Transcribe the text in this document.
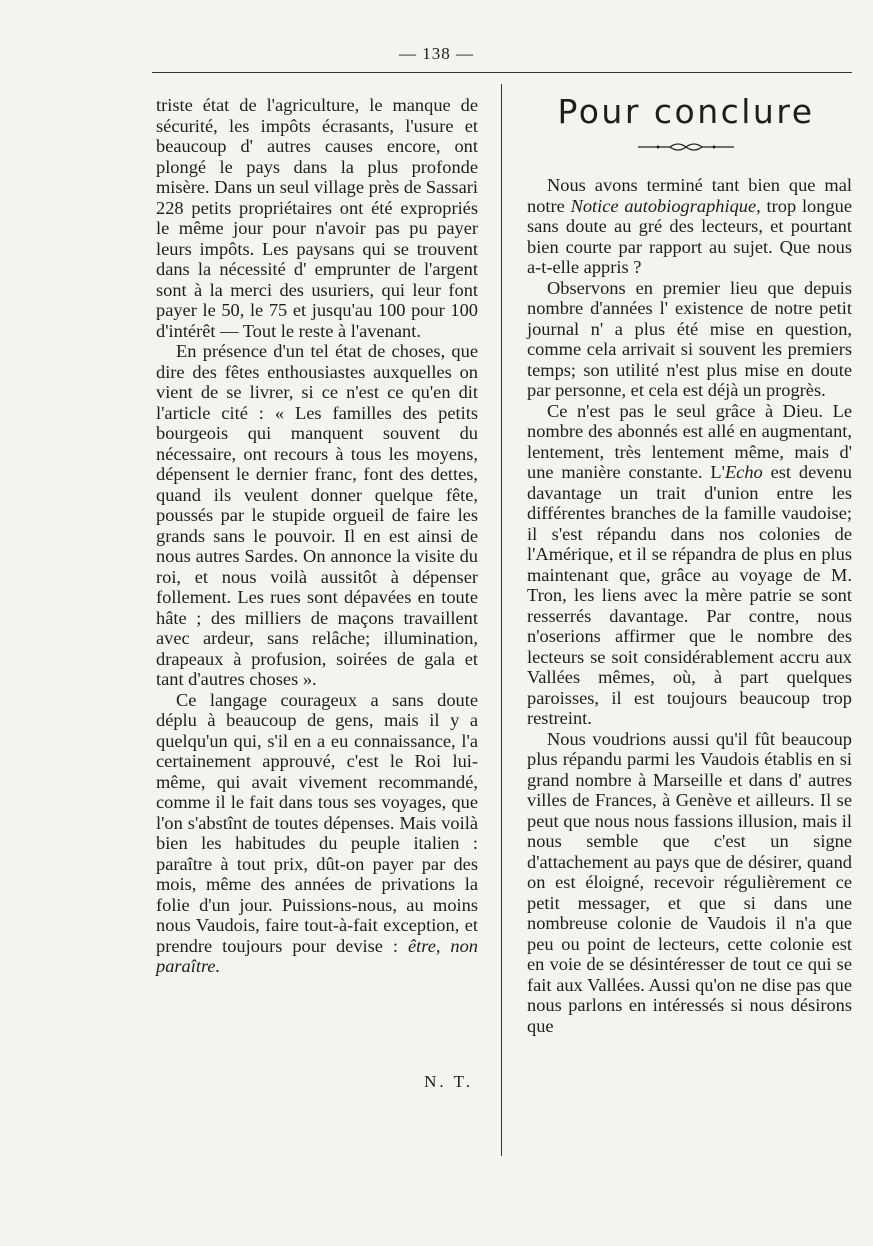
— 138 —

triste état de l'agriculture, le manque de sécurité, les impôts écrasants, l'usure et beaucoup d' autres causes encore, ont plongé le pays dans la plus profonde misère. Dans un seul village près de Sassari 228 petits propriétaires ont été expropriés le même jour pour n'avoir pas pu payer leurs impôts. Les paysans qui se trouvent dans la nécessité d' emprunter de l'argent sont à la merci des usuriers, qui leur font payer le 50, le 75 et jusqu'au 100 pour 100 d'intérêt — Tout le reste à l'avenant.

En présence d'un tel état de choses, que dire des fêtes enthousiastes auxquelles on vient de se livrer, si ce n'est ce qu'en dit l'article cité : « Les familles des petits bourgeois qui manquent souvent du nécessaire, ont recours à tous les moyens, dépensent le dernier franc, font des dettes, quand ils veulent donner quelque fête, poussés par le stupide orgueil de faire les grands sans le pouvoir. Il en est ainsi de nous autres Sardes. On annonce la visite du roi, et nous voilà aussitôt à dépenser follement. Les rues sont dépavées en toute hâte ; des milliers de maçons travaillent avec ardeur, sans relâche; illumination, drapeaux à profusion, soirées de gala et tant d'autres choses ».

Ce langage courageux a sans doute déplu à beaucoup de gens, mais il y a quelqu'un qui, s'il en a eu connaissance, l'a certainement approuvé, c'est le Roi lui-même, qui avait vivement recommandé, comme il le fait dans tous ses voyages, que l'on s'abstînt de toutes dépenses. Mais voilà bien les habitudes du peuple italien : paraître à tout prix, dût-on payer par des mois, même des années de privations la folie d'un jour. Puissions-nous, au moins nous Vaudois, faire tout-à-fait exception, et prendre toujours pour devise : être, non paraître.

N. T.
Pour conclure

Nous avons terminé tant bien que mal notre Notice autobiographique, trop longue sans doute au gré des lecteurs, et pourtant bien courte par rapport au sujet. Que nous a-t-elle appris ?

Observons en premier lieu que depuis nombre d'années l' existence de notre petit journal n' a plus été mise en question, comme cela arrivait si souvent les premiers temps; son utilité n'est plus mise en doute par personne, et cela est déjà un progrès.

Ce n'est pas le seul grâce à Dieu. Le nombre des abonnés est allé en augmentant, lentement, très lentement même, mais d' une manière constante. L'Echo est devenu davantage un trait d'union entre les différentes branches de la famille vaudoise; il s'est répandu dans nos colonies de l'Amérique, et il se répandra de plus en plus maintenant que, grâce au voyage de M. Tron, les liens avec la mère patrie se sont resserrés davantage. Par contre, nous n'oserions affirmer que le nombre des lecteurs se soit considérablement accru aux Vallées mêmes, où, à part quelques paroisses, il est toujours beaucoup trop restreint.

Nous voudrions aussi qu'il fût beaucoup plus répandu parmi les Vaudois établis en si grand nombre à Marseille et dans d' autres villes de Frances, à Genève et ailleurs. Il se peut que nous nous fassions illusion, mais il nous semble que c'est un signe d'attachement au pays que de désirer, quand on est éloigné, recevoir régulièrement ce petit messager, et que si dans une nombreuse colonie de Vaudois il n'a que peu ou point de lecteurs, cette colonie est en voie de se désintéresser de tout ce qui se fait aux Vallées. Aussi qu'on ne dise pas que nous parlons en intéressés si nous désirons que
